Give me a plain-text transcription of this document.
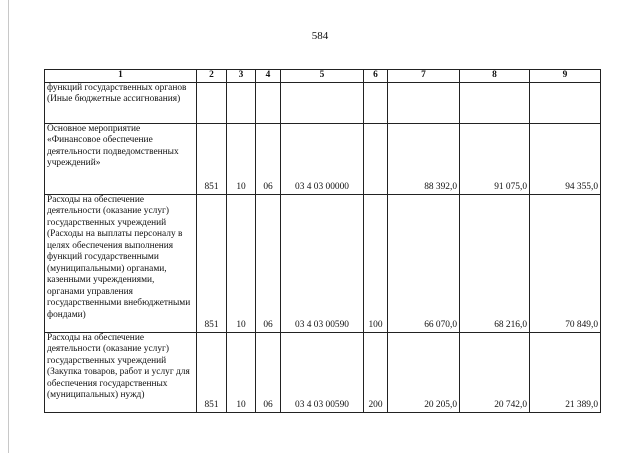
584
1	2	3	4	5	6	7	8	9
функций государственных органов (Иные бюджетные ассигнования)								
Основное мероприятие «Финансовое обеспечение деятельности подведомственных учреждений»	851	10	06	03 4 03 00000		88 392,0	91 075,0	94 355,0
Расходы на обеспечение деятельности (оказание услуг) государственных учреждений (Расходы на выплаты персоналу в целях обеспечения выполнения функций государственными (муниципальными) органами, казенными учреждениями, органами управления государственными внебюджетными фондами)	851	10	06	03 4 03 00590	100	66 070,0	68 216,0	70 849,0
Расходы на обеспечение деятельности (оказание услуг) государственных учреждений (Закупка товаров, работ и услуг для обеспечения государственных (муниципальных) нужд)	851	10	06	03 4 03 00590	200	20 205,0	20 742,0	21 389,0
